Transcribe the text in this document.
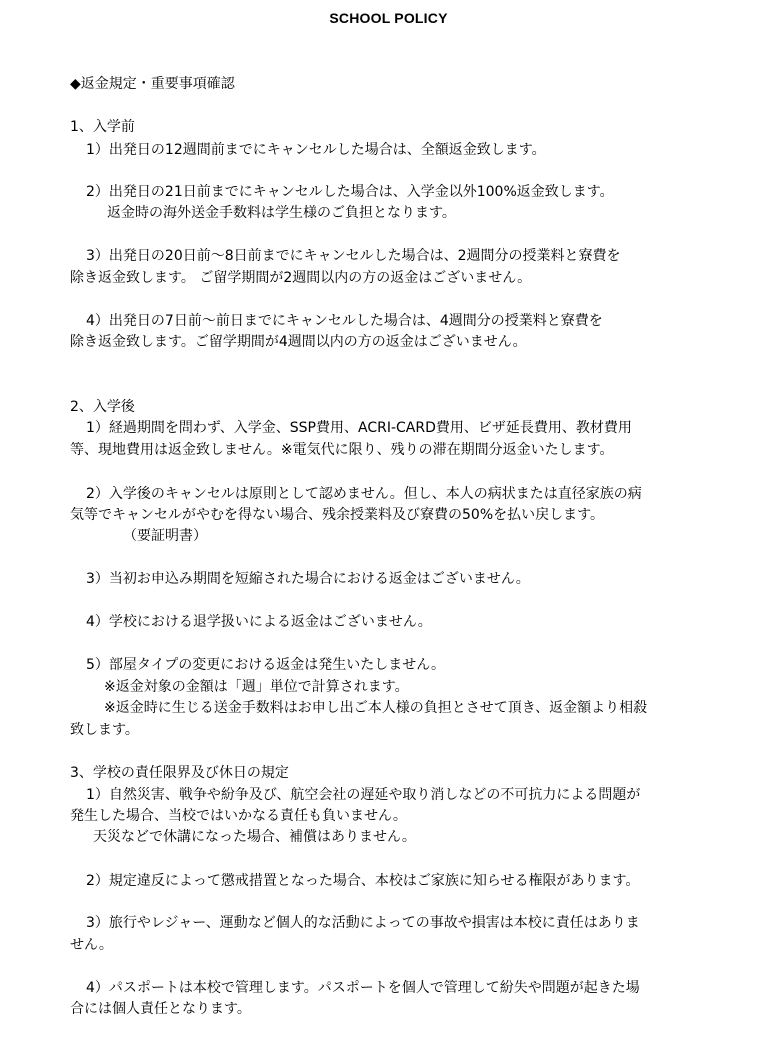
SCHOOL POLICY
◆返金規定・重要事項確認
1、入学前
1）出発日の12週間前までにキャンセルした場合は、全額返金致します。
2）出発日の21日前までにキャンセルした場合は、入学金以外100%返金致します。
返金時の海外送金手数料は学生様のご負担となります。
3）出発日の20日前～8日前までにキャンセルした場合は、2週間分の授業料と寮費を
除き返金致します。 ご留学期間が2週間以内の方の返金はございません。
4）出発日の7日前～前日までにキャンセルした場合は、4週間分の授業料と寮費を
除き返金致します。ご留学期間が4週間以内の方の返金はございません。
2、入学後
1）経過期間を問わず、入学金、SSP費用、ACRI-CARD費用、ビザ延長費用、教材費用
等、現地費用は返金致しません。※電気代に限り、残りの滞在期間分返金いたします。
2）入学後のキャンセルは原則として認めません。但し、本人の病状または直径家族の病
気等でキャンセルがやむを得ない場合、残余授業料及び寮費の50%を払い戻します。
（要証明書）
3）当初お申込み期間を短縮された場合における返金はございません。
4）学校における退学扱いによる返金はございません。
5）部屋タイプの変更における返金は発生いたしません。
※返金対象の金額は「週」単位で計算されます。
※返金時に生じる送金手数料はお申し出ご本人様の負担とさせて頂き、返金額より相殺
致します。
3、学校の責任限界及び休日の規定
1）自然災害、戦争や紛争及び、航空会社の遅延や取り消しなどの不可抗力による問題が
発生した場合、当校ではいかなる責任も負いません。
天災などで休講になった場合、補償はありません。
2）規定違反によって懲戒措置となった場合、本校はご家族に知らせる権限があります。
3）旅行やレジャー、運動など個人的な活動によっての事故や損害は本校に責任はありま
せん。
4）パスポートは本校で管理します。パスポートを個人で管理して紛失や問題が起きた場
合には個人責任となります。
